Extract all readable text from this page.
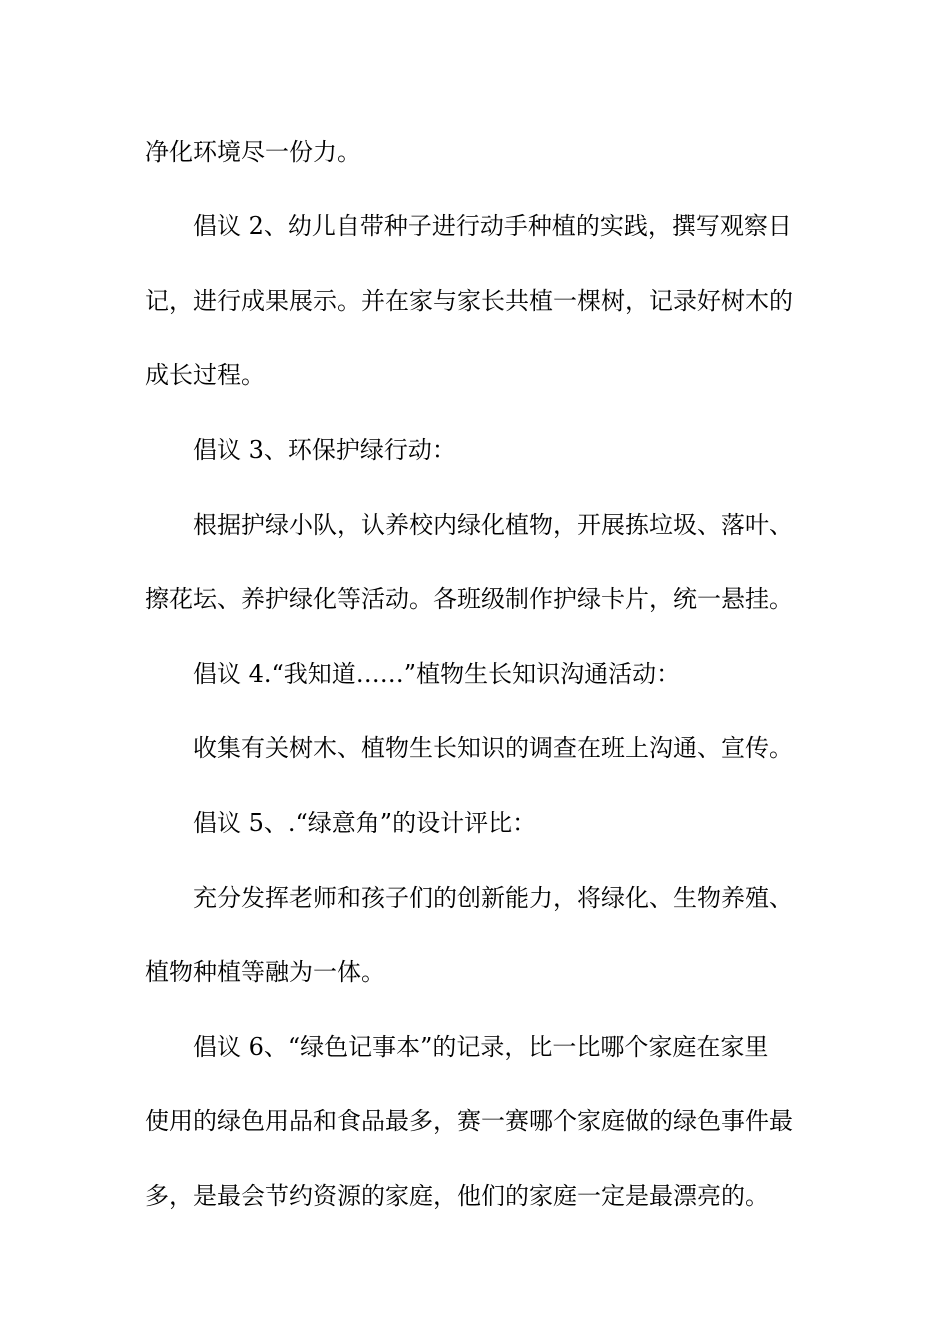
净化环境尽一份力。

倡议 2、幼儿自带种子进行动手种植的实践，撰写观察日

记，进行成果展示。并在家与家长共植一棵树，记录好树木的

成长过程。

倡议 3、环保护绿行动：

根据护绿小队，认养校内绿化植物，开展拣垃圾、落叶、

擦花坛、养护绿化等活动。各班级制作护绿卡片，统一悬挂。

倡议 4.“我知道……”植物生长知识沟通活动：

收集有关树木、植物生长知识的调查在班上沟通、宣传。

倡议 5、.“绿意角”的设计评比：

充分发挥老师和孩子们的创新能力，将绿化、生物养殖、

植物种植等融为一体。

倡议 6、“绿色记事本”的记录，比一比哪个家庭在家里

使用的绿色用品和食品最多，赛一赛哪个家庭做的绿色事件最

多，是最会节约资源的家庭，他们的家庭一定是最漂亮的。
